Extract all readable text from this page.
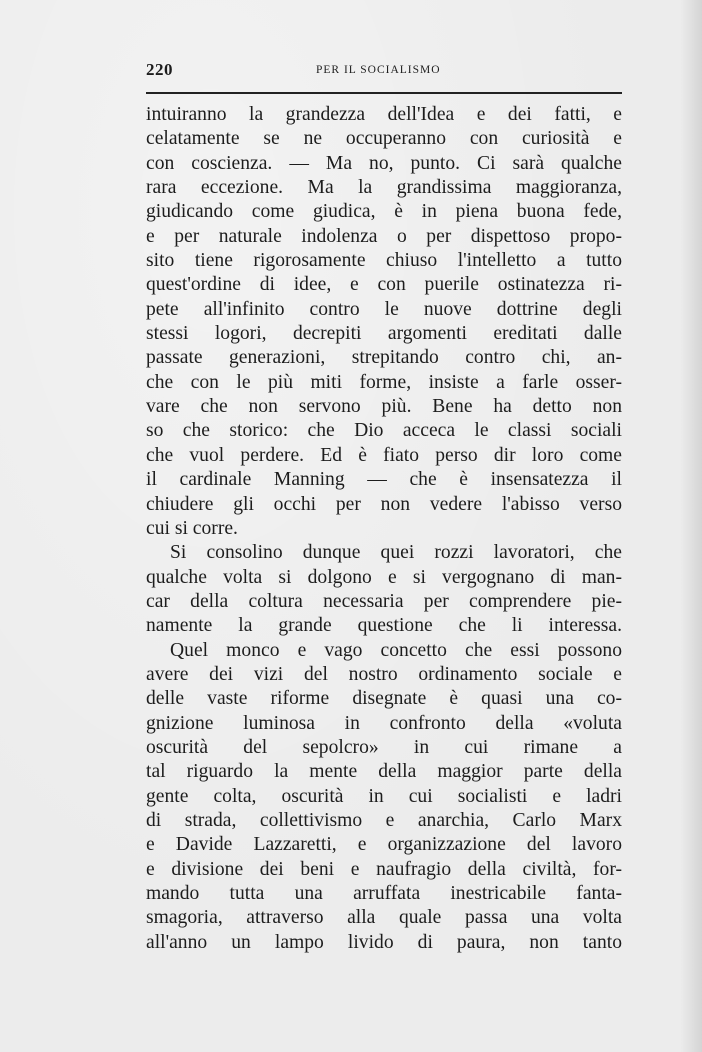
220	PER IL SOCIALISMO
intuiranno la grandezza dell'Idea e dei fatti, e
celatamente se ne occuperanno con curiosità e
con coscienza. — Ma no, punto. Ci sarà qualche
rara eccezione. Ma la grandissima maggioranza,
giudicando come giudica, è in piena buona fede,
e per naturale indolenza o per dispettoso propo-
sito tiene rigorosamente chiuso l'intelletto a tutto
quest'ordine di idee, e con puerile ostinatezza ri-
pete all'infinito contro le nuove dottrine degli
stessi logori, decrepiti argomenti ereditati dalle
passate generazioni, strepitando contro chi, an-
che con le più miti forme, insiste a farle osser-
vare che non servono più. Bene ha detto non
so che storico: che Dio acceca le classi sociali
che vuol perdere. Ed è fiato perso dir loro come
il cardinale Manning — che è insensatezza il
chiudere gli occhi per non vedere l'abisso verso
cui si corre.
Si consolino dunque quei rozzi lavoratori, che
qualche volta si dolgono e si vergognano di man-
car della coltura necessaria per comprendere pie-
namente la grande questione che li interessa.
Quel monco e vago concetto che essi possono
avere dei vizi del nostro ordinamento sociale e
delle vaste riforme disegnate è quasi una co-
gnizione luminosa in confronto della «voluta
oscurità del sepolcro» in cui rimane a
tal riguardo la mente della maggior parte della
gente colta, oscurità in cui socialisti e ladri
di strada, collettivismo e anarchia, Carlo Marx
e Davide Lazzaretti, e organizzazione del lavoro
e divisione dei beni e naufragio della civiltà, for-
mando tutta una arruffata inestricabile fanta-
smagoria, attraverso alla quale passa una volta
all'anno un lampo livido di paura, non tanto
